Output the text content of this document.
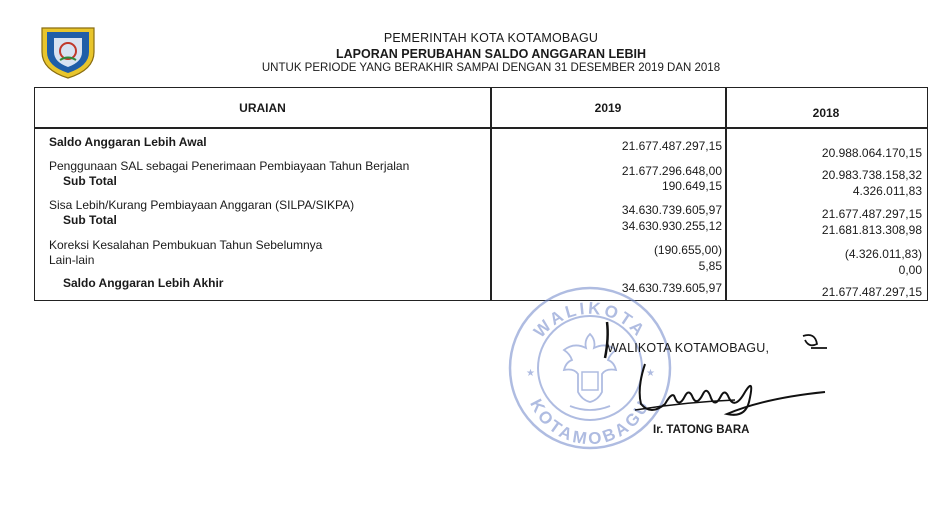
PEMERINTAH KOTA KOTAMOBAGU
LAPORAN PERUBAHAN SALDO ANGGARAN LEBIH
UNTUK PERIODE YANG BERAKHIR SAMPAI DENGAN 31 DESEMBER 2019 DAN 2018
URAIAN	2019	2018
Saldo Anggaran Lebih Awal	21.677.487.297,15	20.988.064.170,15
Penggunaan SAL sebagai Penerimaan Pembiayaan Tahun Berjalan	21.677.296.648,00	20.983.738.158,32
Sub Total	190.649,15	4.326.011,83
Sisa Lebih/Kurang Pembiayaan Anggaran (SILPA/SIKPA)	34.630.739.605,97	21.677.487.297,15
Sub Total	34.630.930.255,12	21.681.813.308,98
Koreksi Kesalahan Pembukuan Tahun Sebelumnya	(190.655,00)	(4.326.011,83)
Lain-lain	5,85	0,00
Saldo Anggaran Lebih Akhir	34.630.739.605,97	21.677.487.297,15
WALIKOTA
KOTAMOBAGU
★	★
WALIKOTA KOTAMOBAGU,
Ir. TATONG BARA
